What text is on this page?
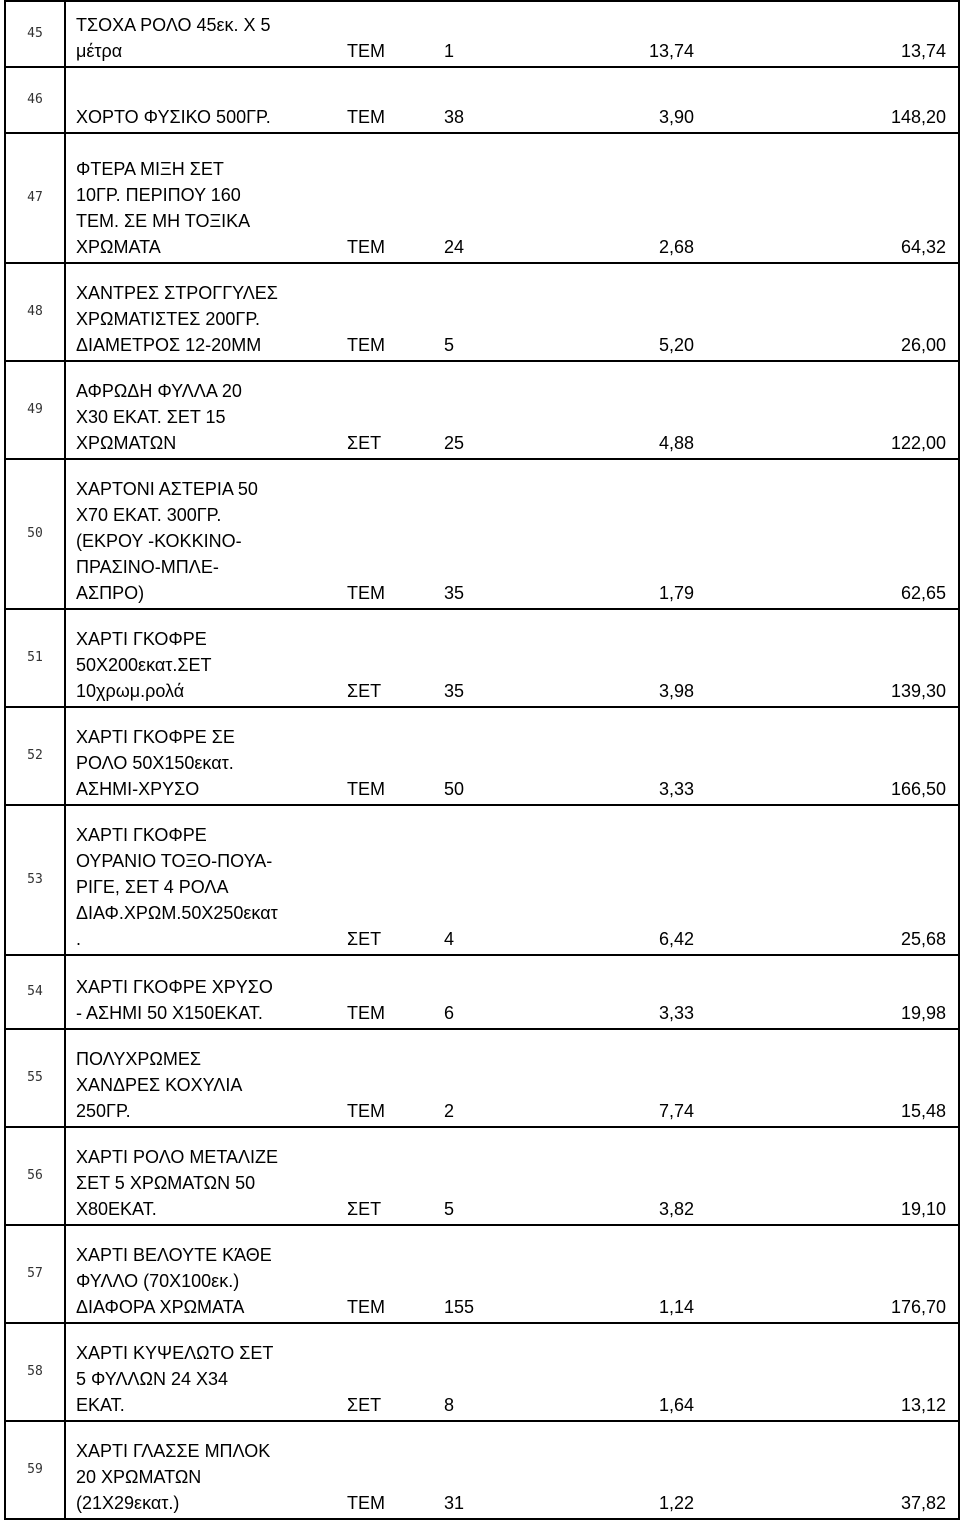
45	ΤΣΟΧΑ ΡΟΛΟ 45εκ. Χ 5
μέτρα	ΤΕΜ	1	13,74	13,74
46	ΧΟΡΤΟ ΦΥΣΙΚΟ 500ΓΡ.	ΤΕΜ	38	3,90	148,20
47	ΦΤΕΡΑ ΜΙΞΗ ΣΕΤ
10ΓΡ. ΠΕΡΙΠΟΥ 160
ΤΕΜ. ΣΕ ΜΗ ΤΟΞΙΚΑ
ΧΡΩΜΑΤΑ	ΤΕΜ	24	2,68	64,32
48	ΧΑΝΤΡΕΣ ΣΤΡΟΓΓΥΛΕΣ
ΧΡΩΜΑΤΙΣΤΕΣ 200ΓΡ.
ΔΙΑΜΕΤΡΟΣ 12-20ΜΜ	ΤΕΜ	5	5,20	26,00
49	ΑΦΡΩΔΗ ΦΥΛΛΑ 20
Χ30 ΕΚΑΤ. ΣΕΤ 15
ΧΡΩΜΑΤΩΝ	ΣΕΤ	25	4,88	122,00
50	ΧΑΡΤΟΝΙ ΑΣΤΕΡΙΑ 50
Χ70 ΕΚΑΤ. 300ΓΡ.
(ΕΚΡΟΥ -ΚΟΚΚΙΝΟ-
ΠΡΑΣΙΝΟ-ΜΠΛΕ-
ΑΣΠΡΟ)	ΤΕΜ	35	1,79	62,65
51	ΧΑΡΤΙ ΓΚΟΦΡΕ
50Χ200εκατ.ΣΕΤ
10χρωμ.ρολά	ΣΕΤ	35	3,98	139,30
52	ΧΑΡΤΙ ΓΚΟΦΡΕ ΣΕ
ΡΟΛΟ 50Χ150εκατ.
ΑΣΗΜΙ-ΧΡΥΣΟ	ΤΕΜ	50	3,33	166,50
53	ΧΑΡΤΙ ΓΚΟΦΡΕ
ΟΥΡΑΝΙΟ ΤΟΞΟ-ΠΟΥΑ-
ΡΙΓΕ, ΣΕΤ 4 ΡΟΛΑ
ΔΙΑΦ.ΧΡΩΜ.50Χ250εκατ
.	ΣΕΤ	4	6,42	25,68
54	ΧΑΡΤΙ ΓΚΟΦΡΕ ΧΡΥΣΟ
- ΑΣΗΜΙ 50 Χ150ΕΚΑΤ.	ΤΕΜ	6	3,33	19,98
55	ΠΟΛΥΧΡΩΜΕΣ
ΧΑΝΔΡΕΣ ΚΟΧΥΛΙΑ
250ΓΡ.	ΤΕΜ	2	7,74	15,48
56	ΧΑΡΤΙ ΡΟΛΟ ΜΕΤΑΛΙΖΕ
ΣΕΤ 5 ΧΡΩΜΑΤΩΝ 50
Χ80ΕΚΑΤ.	ΣΕΤ	5	3,82	19,10
57	ΧΑΡΤΙ ΒΕΛΟΥΤΕ ΚΆΘΕ
ΦΥΛΛΟ (70Χ100εκ.)
ΔΙΑΦΟΡΑ ΧΡΩΜΑΤΑ	ΤΕΜ	155	1,14	176,70
58	ΧΑΡΤΙ ΚΥΨΕΛΩΤΟ ΣΕΤ
5 ΦΥΛΛΩΝ 24 Χ34
ΕΚΑΤ.	ΣΕΤ	8	1,64	13,12
59	ΧΑΡΤΙ ΓΛΑΣΣΕ ΜΠΛΟΚ
20 ΧΡΩΜΑΤΩΝ
(21Χ29εκατ.)	ΤΕΜ	31	1,22	37,82
